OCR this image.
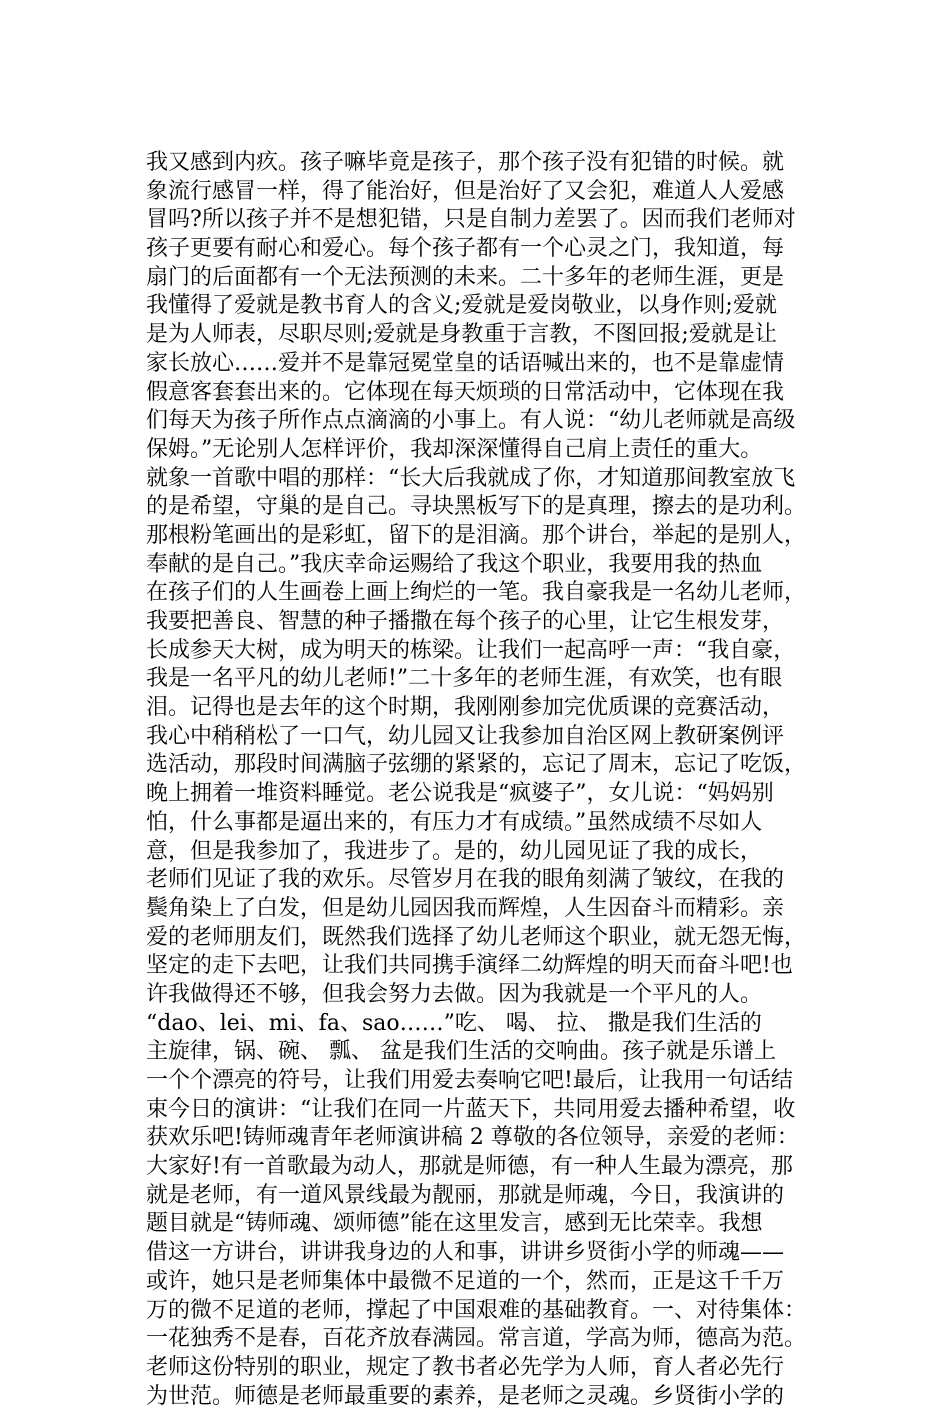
我又感到内疚。孩子嘛毕竟是孩子，那个孩子没有犯错的时候。就
象流行感冒一样，得了能治好，但是治好了又会犯，难道人人爱感
冒吗?所以孩子并不是想犯错，只是自制力差罢了。因而我们老师对
孩子更要有耐心和爱心。每个孩子都有一个心灵之门，我知道，每
扇门的后面都有一个无法预测的未来。二十多年的老师生涯，更是
我懂得了爱就是教书育人的含义;爱就是爱岗敬业，以身作则;爱就
是为人师表，尽职尽则;爱就是身教重于言教，不图回报;爱就是让
家长放心……爱并不是靠冠冕堂皇的话语喊出来的，也不是靠虚情
假意客套套出来的。它体现在每天烦琐的日常活动中，它体现在我
们每天为孩子所作点点滴滴的小事上。有人说：“幼儿老师就是高级
保姆。”无论别人怎样评价，我却深深懂得自己肩上责任的重大。
就象一首歌中唱的那样：“长大后我就成了你，才知道那间教室放飞
的是希望，守巢的是自己。寻块黑板写下的是真理，擦去的是功利。
那根粉笔画出的是彩虹，留下的是泪滴。那个讲台，举起的是别人，
奉献的是自己。”我庆幸命运赐给了我这个职业，我要用我的热血
在孩子们的人生画卷上画上绚烂的一笔。我自豪我是一名幼儿老师，
我要把善良、智慧的种子播撒在每个孩子的心里，让它生根发芽，
长成参天大树，成为明天的栋梁。让我们一起高呼一声：“我自豪，
我是一名平凡的幼儿老师!”二十多年的老师生涯，有欢笑，也有眼
泪。记得也是去年的这个时期，我刚刚参加完优质课的竞赛活动，
我心中稍稍松了一口气，幼儿园又让我参加自治区网上教研案例评
选活动，那段时间满脑子弦绷的紧紧的，忘记了周末，忘记了吃饭，
晚上拥着一堆资料睡觉。老公说我是“疯婆子”，女儿说：“妈妈别
怕，什么事都是逼出来的，有压力才有成绩。”虽然成绩不尽如人
意，但是我参加了，我进步了。是的，幼儿园见证了我的成长，
老师们见证了我的欢乐。尽管岁月在我的眼角刻满了皱纹，在我的
鬓角染上了白发，但是幼儿园因我而辉煌，人生因奋斗而精彩。亲
爱的老师朋友们，既然我们选择了幼儿老师这个职业，就无怨无悔，
坚定的走下去吧，让我们共同携手演绎二幼辉煌的明天而奋斗吧!也
许我做得还不够，但我会努力去做。因为我就是一个平凡的人。
“dao、lei、mi、fa、sao……”吃、 喝、 拉、 撒是我们生活的
主旋律，锅、碗、 瓢、 盆是我们生活的交响曲。孩子就是乐谱上
一个个漂亮的符号，让我们用爱去奏响它吧!最后，让我用一句话结
束今日的演讲：“让我们在同一片蓝天下，共同用爱去播种希望，收
获欢乐吧!铸师魂青年老师演讲稿 2 尊敬的各位领导，亲爱的老师：
大家好!有一首歌最为动人，那就是师德，有一种人生最为漂亮，那
就是老师，有一道风景线最为靓丽，那就是师魂，今日，我演讲的
题目就是“铸师魂、颂师德”能在这里发言，感到无比荣幸。我想
借这一方讲台，讲讲我身边的人和事，讲讲乡贤街小学的师魂——
或许，她只是老师集体中最微不足道的一个，然而，正是这千千万
万的微不足道的老师，撑起了中国艰难的基础教育。一、对待集体：
一花独秀不是春，百花齐放春满园。常言道，学高为师，德高为范。
老师这份特别的职业，规定了教书者必先学为人师，育人者必先行
为世范。师德是老师最重要的素养，是老师之灵魂。乡贤街小学的
